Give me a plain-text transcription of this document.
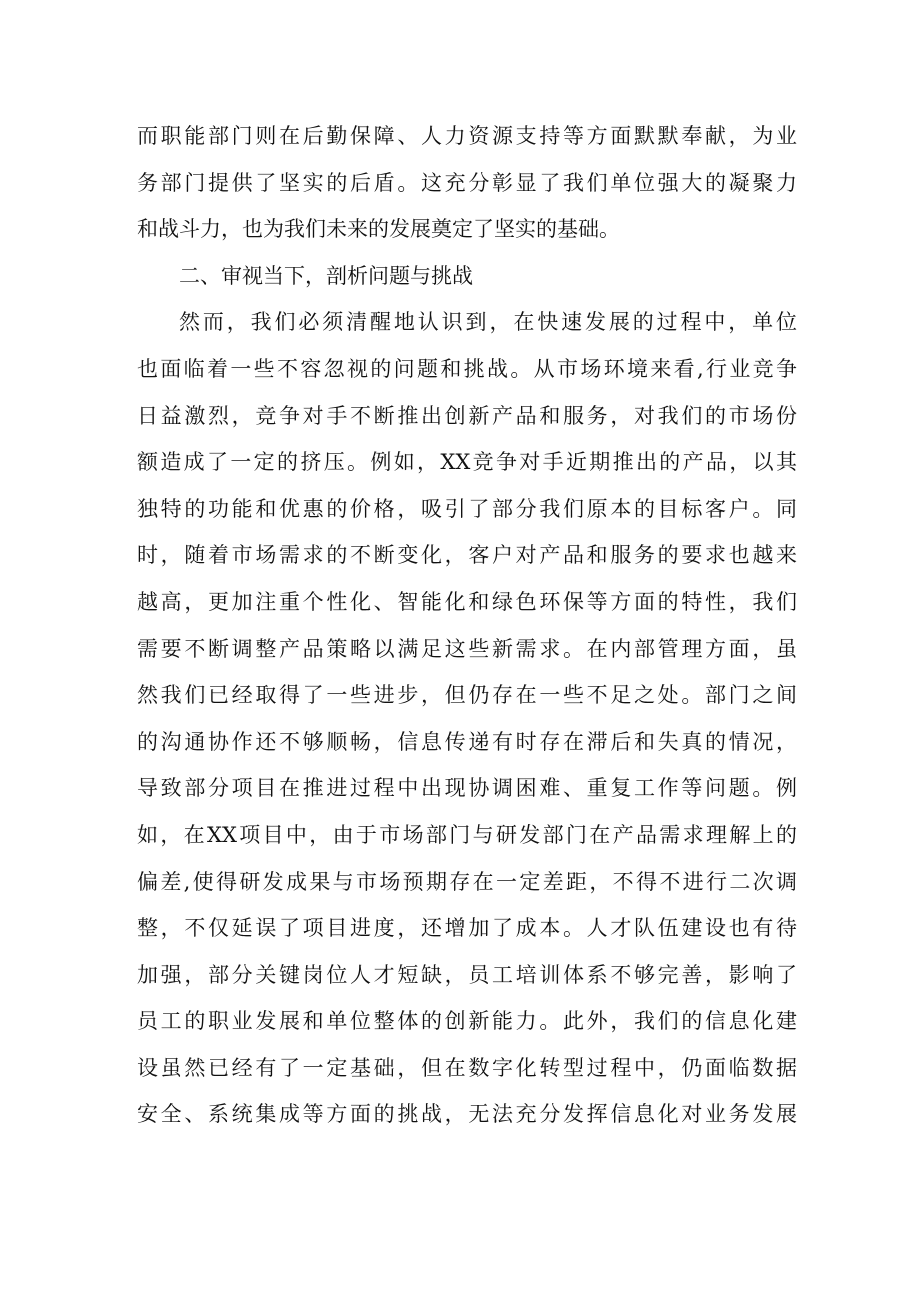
而职能部门则在后勤保障、人力资源支持等方面默默奉献，为业
务部门提供了坚实的后盾。这充分彰显了我们单位强大的凝聚力
和战斗力，也为我们未来的发展奠定了坚实的基础。
二、审视当下，剖析问题与挑战
然而，我们必须清醒地认识到，在快速发展的过程中，单位
也面临着一些不容忽视的问题和挑战。从市场环境来看,行业竞争
日益激烈，竞争对手不断推出创新产品和服务，对我们的市场份
额造成了一定的挤压。例如，XX竞争对手近期推出的产品，以其
独特的功能和优惠的价格，吸引了部分我们原本的目标客户。同
时，随着市场需求的不断变化，客户对产品和服务的要求也越来
越高，更加注重个性化、智能化和绿色环保等方面的特性，我们
需要不断调整产品策略以满足这些新需求。在内部管理方面，虽
然我们已经取得了一些进步，但仍存在一些不足之处。部门之间
的沟通协作还不够顺畅，信息传递有时存在滞后和失真的情况，
导致部分项目在推进过程中出现协调困难、重复工作等问题。例
如，在XX项目中，由于市场部门与研发部门在产品需求理解上的
偏差,使得研发成果与市场预期存在一定差距，不得不进行二次调
整，不仅延误了项目进度，还增加了成本。人才队伍建设也有待
加强，部分关键岗位人才短缺，员工培训体系不够完善，影响了
员工的职业发展和单位整体的创新能力。此外，我们的信息化建
设虽然已经有了一定基础，但在数字化转型过程中，仍面临数据
安全、系统集成等方面的挑战，无法充分发挥信息化对业务发展
